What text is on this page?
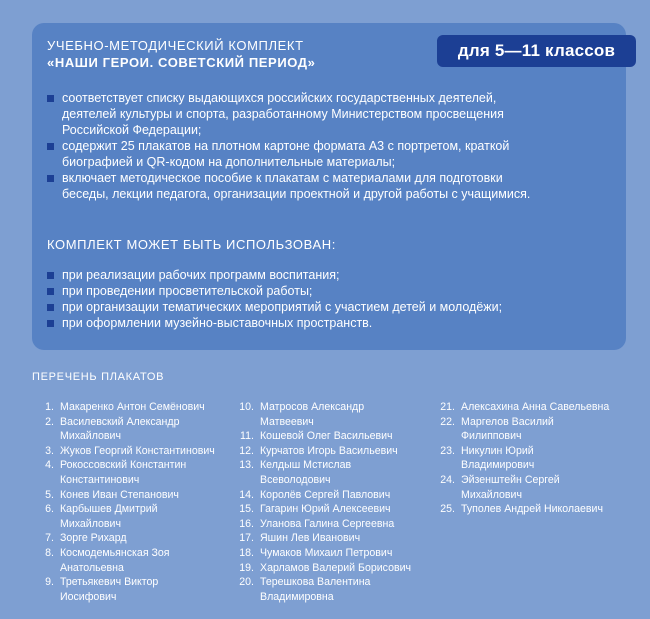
УЧЕБНО-МЕТОДИЧЕСКИЙ КОМПЛЕКТ
«НАШИ ГЕРОИ. СОВЕТСКИЙ ПЕРИОД»
для 5—11 классов
соответствует списку выдающихся российских государственных деятелей,
деятелей культуры и спорта, разработанному Министерством просвещения
Российской Федерации;
содержит 25 плакатов на плотном картоне формата А3 с портретом, краткой
биографией и QR-кодом на дополнительные материалы;
включает методическое пособие к плакатам с материалами для подготовки
беседы, лекции педагога, организации проектной и другой работы с учащимися.
КОМПЛЕКТ МОЖЕТ БЫТЬ ИСПОЛЬЗОВАН:
при реализации рабочих программ воспитания;
при проведении просветительской работы;
при организации тематических мероприятий с участием детей и молодёжи;
при оформлении музейно-выставочных пространств.
ПЕРЕЧЕНЬ ПЛАКАТОВ
1. Макаренко Антон Семёнович
2. Василевский Александр
Михайлович
3. Жуков Георгий Константинович
4. Рокоссовский Константин
Константинович
5. Конев Иван Степанович
6. Карбышев Дмитрий
Михайлович
7. Зорге Рихард
8. Космодемьянская Зоя
Анатольевна
9. Третьякевич Виктор
Иосифович
10. Матросов Александр
Матвеевич
11. Кошевой Олег Васильевич
12. Курчатов Игорь Васильевич
13. Келдыш Мстислав
Всеволодович
14. Королёв Сергей Павлович
15. Гагарин Юрий Алексеевич
16. Уланова Галина Сергеевна
17. Яшин Лев Иванович
18. Чумаков Михаил Петрович
19. Харламов Валерий Борисович
20. Терешкова Валентина
Владимировна
21. Алексахина Анна Савельевна
22. Маргелов Василий
Филиппович
23. Никулин Юрий
Владимирович
24. Эйзенштейн Сергей
Михайлович
25. Туполев Андрей Николаевич
